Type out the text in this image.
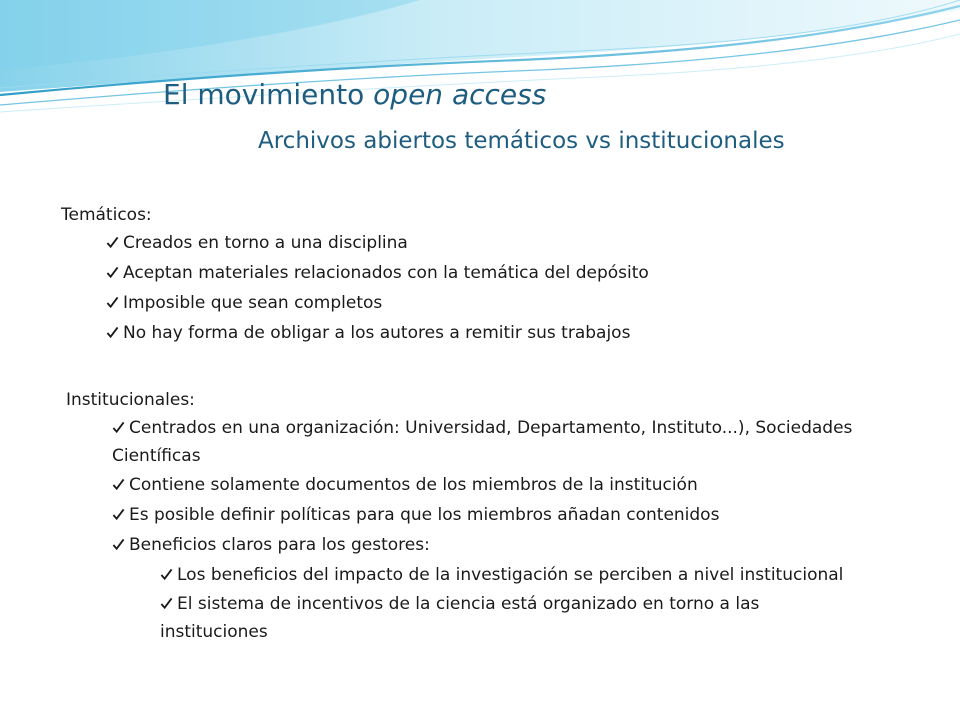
El movimiento open access
Archivos abiertos temáticos vs institucionales
Temáticos:
Creados en torno a una disciplina
Aceptan materiales relacionados con la temática del depósito
Imposible que sean completos
No hay forma de obligar a los autores a remitir sus trabajos
Institucionales:
Centrados en una organización: Universidad, Departamento, Instituto...), Sociedades Científicas
Contiene solamente documentos de los miembros de la institución
Es posible definir políticas para que los miembros añadan contenidos
Beneficios claros para los gestores:
Los beneficios del impacto de la investigación se perciben a nivel institucional
El sistema de incentivos de la ciencia está organizado en torno a las instituciones
